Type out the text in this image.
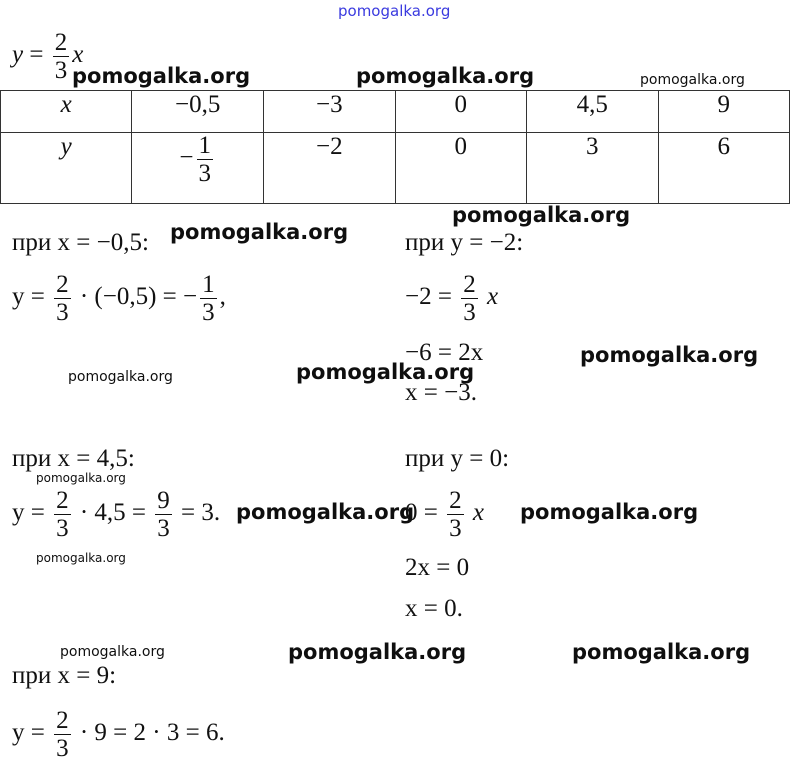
pomogalka.org
pomogalka.org	pomogalka.org	pomogalka.org
pomogalka.org
pomogalka.org
pomogalka.org
pomogalka.org
pomogalka.org
pomogalka.org
pomogalka.org	pomogalka.org
pomogalka.org
pomogalka.org	pomogalka.org	pomogalka.org
$y = \frac{2}{3}$ x
x	−0,5	−3	0	4,5	9
y	− $\frac{1}{3}$	−2	0	3	6
при x = −0,5:
$y = \frac{2}{3} \cdot (-0,5)$ = − $\frac{1}{3}$ ,
при y = −2:
$-2 = \frac{2}{3}$ x
−6 = 2x
x = −3.
при x = 4,5:
$y = \frac{2}{3} \cdot 4,5 = \frac{9}{3} = 3$.
при y = 0:
$0 = \frac{2}{3}$ x
2x = 0
x = 0.
при x = 9:
$y = \frac{2}{3} \cdot 9 = 2 \cdot 3 = 6$.
